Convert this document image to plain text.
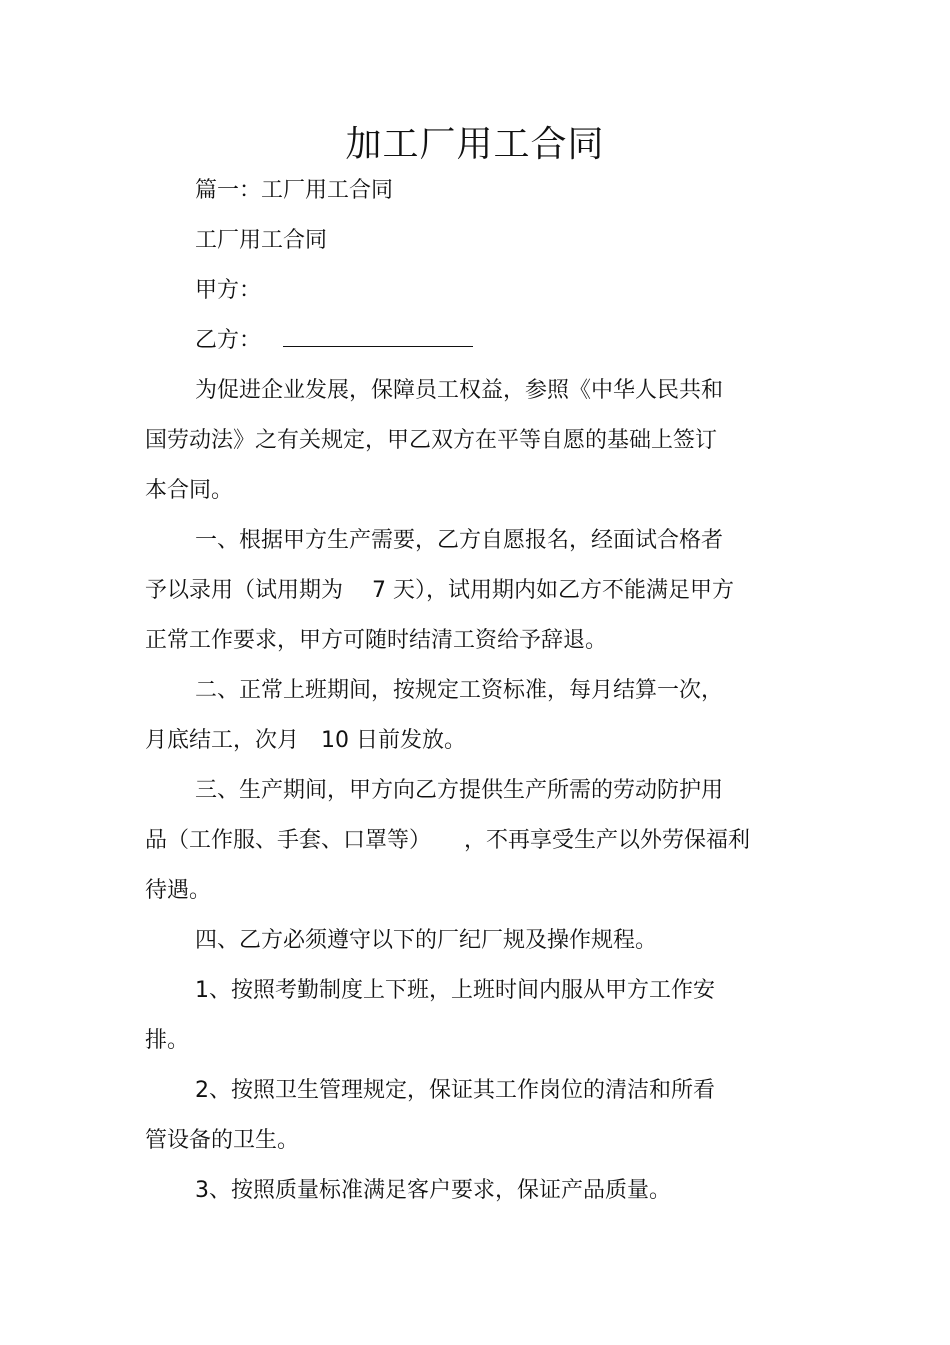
加工厂用工合同

篇一：工厂用工合同

工厂用工合同

甲方：

乙方：

为促进企业发展，保障员工权益，参照《中华人民共和

国劳动法》之有关规定，甲乙双方在平等自愿的基础上签订

本合同。

一、根据甲方生产需要，乙方自愿报名，经面试合格者

予以录用（试用期为　 7 天），试用期内如乙方不能满足甲方

正常工作要求，甲方可随时结清工资给予辞退。

二、正常上班期间，按规定工资标准，每月结算一次，

月底结工，次月　10 日前发放。

三、生产期间，甲方向乙方提供生产所需的劳动防护用

品（工作服、手套、口罩等）　　，不再享受生产以外劳保福利

待遇。

四、乙方必须遵守以下的厂纪厂规及操作规程。

1、按照考勤制度上下班，上班时间内服从甲方工作安

排。

2、按照卫生管理规定，保证其工作岗位的清洁和所看

管设备的卫生。

3、按照质量标准满足客户要求，保证产品质量。
